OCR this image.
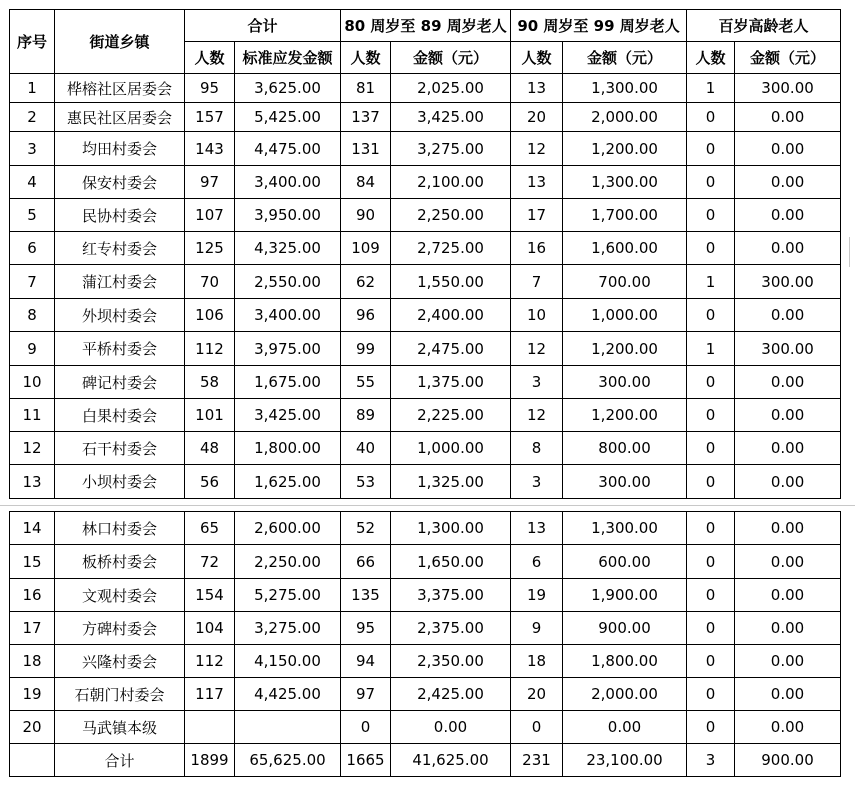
序号	街道乡镇	合计		80 周岁至 89 周岁老人		90 周岁至 99 周岁老人		百岁高龄老人	
		人数	标准应发金额	人数	金额（元）	人数	金额（元）	人数	金额（元）
1	桦榕社区居委会	95	3,625.00	81	2,025.00	13	1,300.00	1	300.00
2	惠民社区居委会	157	5,425.00	137	3,425.00	20	2,000.00	0	0.00
3	均田村委会	143	4,475.00	131	3,275.00	12	1,200.00	0	0.00
4	保安村委会	97	3,400.00	84	2,100.00	13	1,300.00	0	0.00
5	民协村委会	107	3,950.00	90	2,250.00	17	1,700.00	0	0.00
6	红专村委会	125	4,325.00	109	2,725.00	16	1,600.00	0	0.00
7	蒲江村委会	70	2,550.00	62	1,550.00	7	700.00	1	300.00
8	外坝村委会	106	3,400.00	96	2,400.00	10	1,000.00	0	0.00
9	平桥村委会	112	3,975.00	99	2,475.00	12	1,200.00	1	300.00
10	碑记村委会	58	1,675.00	55	1,375.00	3	300.00	0	0.00
11	白果村委会	101	3,425.00	89	2,225.00	12	1,200.00	0	0.00
12	石干村委会	48	1,800.00	40	1,000.00	8	800.00	0	0.00
13	小坝村委会	56	1,625.00	53	1,325.00	3	300.00	0	0.00
14	林口村委会	65	2,600.00	52	1,300.00	13	1,300.00	0	0.00
15	板桥村委会	72	2,250.00	66	1,650.00	6	600.00	0	0.00
16	文观村委会	154	5,275.00	135	3,375.00	19	1,900.00	0	0.00
17	方碑村委会	104	3,275.00	95	2,375.00	9	900.00	0	0.00
18	兴隆村委会	112	4,150.00	94	2,350.00	18	1,800.00	0	0.00
19	石朝门村委会	117	4,425.00	97	2,425.00	20	2,000.00	0	0.00
20	马武镇本级			0	0.00	0	0.00	0	0.00
	合计	1899	65,625.00	1665	41,625.00	231	23,100.00	3	900.00
